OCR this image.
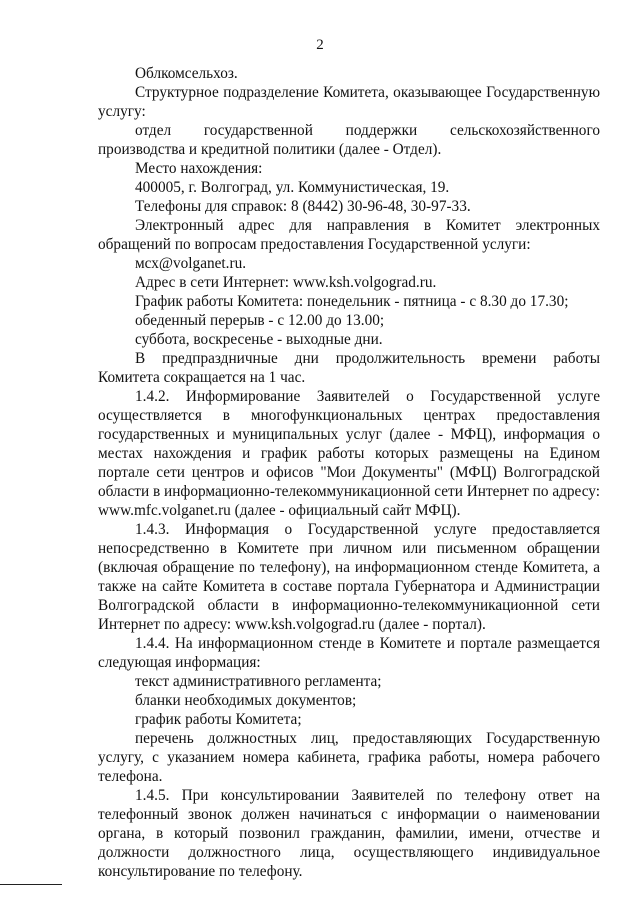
2

Облкомсельхоз.

Структурное подразделение Комитета, оказывающее Государственную услугу:

отдел государственной поддержки сельскохозяйственного производства и кредитной политики (далее - Отдел).

Место нахождения:

400005, г. Волгоград, ул. Коммунистическая, 19.

Телефоны для справок: 8 (8442) 30-96-48, 30-97-33.

Электронный адрес для направления в Комитет электронных обращений по вопросам предоставления Государственной услуги:

мсх@volganet.ru.

Адрес в сети Интернет: www.ksh.volgograd.ru.

График работы Комитета: понедельник - пятница - с 8.30 до 17.30;

обеденный перерыв - с 12.00 до 13.00;

суббота, воскресенье - выходные дни.

В предпраздничные дни продолжительность времени работы Комитета сокращается на 1 час.

1.4.2. Информирование Заявителей о Государственной услуге осуществляется в многофункциональных центрах предоставления государственных и муниципальных услуг (далее - МФЦ), информация о местах нахождения и график работы которых размещены на Едином портале сети центров и офисов "Мои Документы" (МФЦ) Волгоградской области в информационно-телекоммуникационной сети Интернет по адресу: www.mfc.volganet.ru (далее - официальный сайт МФЦ).

1.4.3. Информация о Государственной услуге предоставляется непосредственно в Комитете при личном или письменном обращении (включая обращение по телефону), на информационном стенде Комитета, а также на сайте Комитета в составе портала Губернатора и Администрации Волгоградской области в информационно-телекоммуникационной сети Интернет по адресу: www.ksh.volgograd.ru (далее - портал).

1.4.4. На информационном стенде в Комитете и портале размещается следующая информация:

текст административного регламента;

бланки необходимых документов;

график работы Комитета;

перечень должностных лиц, предоставляющих Государственную услугу, с указанием номера кабинета, графика работы, номера рабочего телефона.

1.4.5. При консультировании Заявителей по телефону ответ на телефонный звонок должен начинаться с информации о наименовании органа, в который позвонил гражданин, фамилии, имени, отчестве и должности должностного лица, осуществляющего индивидуальное консультирование по телефону.
